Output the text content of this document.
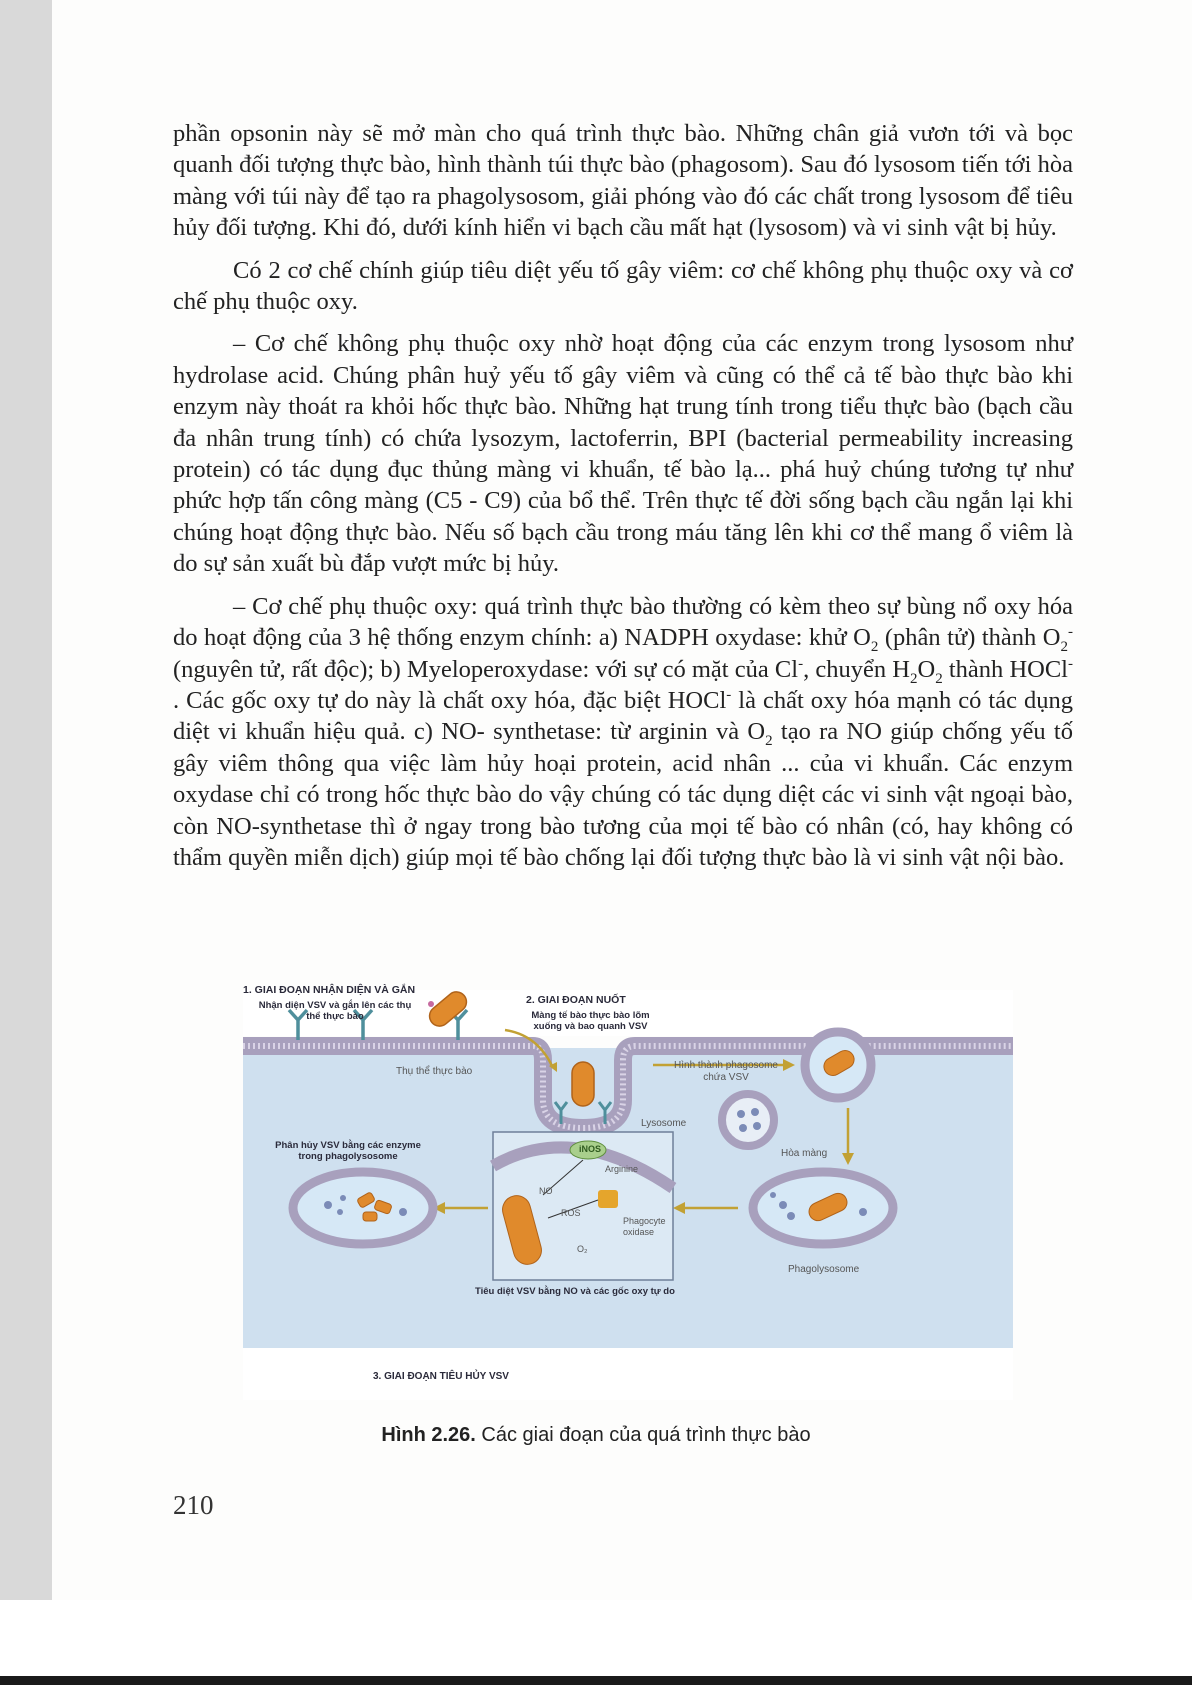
phần opsonin này sẽ mở màn cho quá trình thực bào. Những chân giả vươn tới và bọc quanh đối tượng thực bào, hình thành túi thực bào (phagosom). Sau đó lysosom tiến tới hòa màng với túi này để tạo ra phagolysosom, giải phóng vào đó các chất trong lysosom để tiêu hủy đối tượng. Khi đó, dưới kính hiển vi bạch cầu mất hạt (lysosom) và vi sinh vật bị hủy.

Có 2 cơ chế chính giúp tiêu diệt yếu tố gây viêm: cơ chế không phụ thuộc oxy và cơ chế phụ thuộc oxy.

– Cơ chế không phụ thuộc oxy nhờ hoạt động của các enzym trong lysosom như hydrolase acid. Chúng phân huỷ yếu tố gây viêm và cũng có thể cả tế bào thực bào khi enzym này thoát ra khỏi hốc thực bào. Những hạt trung tính trong tiểu thực bào (bạch cầu đa nhân trung tính) có chứa lysozym, lactoferrin, BPI (bacterial permeability increasing protein) có tác dụng đục thủng màng vi khuẩn, tế bào lạ... phá huỷ chúng tương tự như phức hợp tấn công màng (C5 - C9) của bổ thể. Trên thực tế đời sống bạch cầu ngắn lại khi chúng hoạt động thực bào. Nếu số bạch cầu trong máu tăng lên khi cơ thể mang ổ viêm là do sự sản xuất bù đắp vượt mức bị hủy.

– Cơ chế phụ thuộc oxy: quá trình thực bào thường có kèm theo sự bùng nổ oxy hóa do hoạt động của 3 hệ thống enzym chính: a) NADPH oxydase: khử $O_2$ (phân tử) thành $O_2^-$ (nguyên tử, rất độc); b) Myeloperoxydase: với sự có mặt của Cl-, chuyển $H_2O_2$ thành HOCl- . Các gốc oxy tự do này là chất oxy hóa, đặc biệt HOCl- là chất oxy hóa mạnh có tác dụng diệt vi khuẩn hiệu quả. c) NO- synthetase: từ arginin và $O_2$ tạo ra NO giúp chống yếu tố gây viêm thông qua việc làm hủy hoại protein, acid nhân ... của vi khuẩn. Các enzym oxydase chỉ có trong hốc thực bào do vậy chúng có tác dụng diệt các vi sinh vật ngoại bào, còn NO-synthetase thì ở ngay trong bào tương của mọi tế bào có nhân (có, hay không có thẩm quyền miễn dịch) giúp mọi tế bào chống lại đối tượng thực bào là vi sinh vật nội bào.

1. GIAI ĐOẠN NHẬN DIỆN VÀ GẮN
Nhận diện VSV và gắn lên các thụ thể thực bào
Thụ thể thực bào
2. GIAI ĐOẠN NUỐT
Màng tế bào thực bào lõm xuống và bao quanh VSV
Hình thành phagosome chứa VSV
Lysosome
Hòa màng
Phagolysosome
Phân hủy VSV bằng các enzyme trong phagolysosome
iNOS
Arginine
NO
ROS
O₂
Phagocyte oxidase
Tiêu diệt VSV bằng NO và các gốc oxy tự do
3. GIAI ĐOẠN TIÊU HỦY VSV
Hình 2.26. Các giai đoạn của quá trình thực bào
210
